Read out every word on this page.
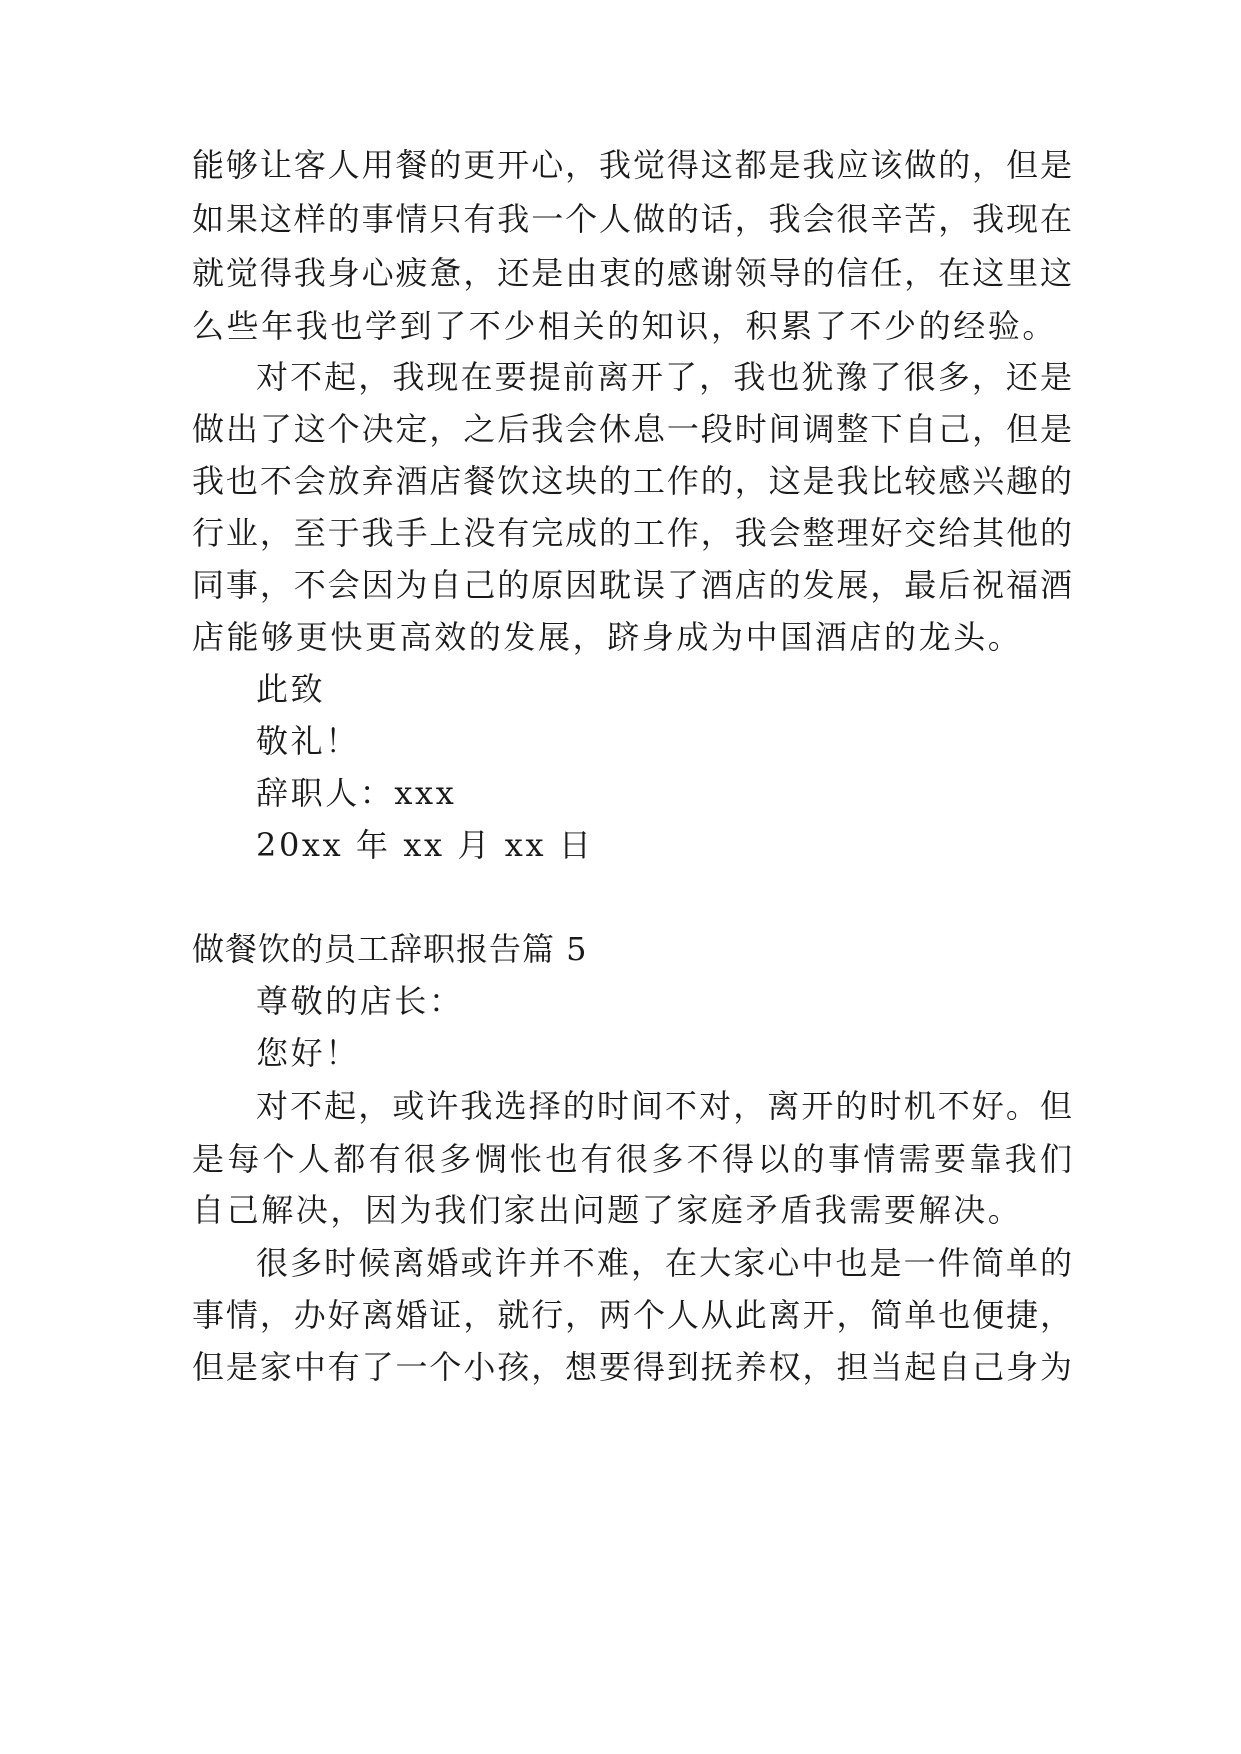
能够让客人用餐的更开心，我觉得这都是我应该做的，但是
如果这样的事情只有我一个人做的话，我会很辛苦，我现在
就觉得我身心疲惫，还是由衷的感谢领导的信任，在这里这
么些年我也学到了不少相关的知识，积累了不少的经验。
对不起，我现在要提前离开了，我也犹豫了很多，还是
做出了这个决定，之后我会休息一段时间调整下自己，但是
我也不会放弃酒店餐饮这块的工作的，这是我比较感兴趣的
行业，至于我手上没有完成的工作，我会整理好交给其他的
同事，不会因为自己的原因耽误了酒店的发展，最后祝福酒
店能够更快更高效的发展，跻身成为中国酒店的龙头。
此致
敬礼！
辞职人：xxx
20xx 年 xx 月 xx 日
做餐饮的员工辞职报告篇 5
尊敬的店长：
您好！
对不起，或许我选择的时间不对，离开的时机不好。但
是每个人都有很多惆怅也有很多不得以的事情需要靠我们
自己解决，因为我们家出问题了家庭矛盾我需要解决。
很多时候离婚或许并不难，在大家心中也是一件简单的
事情，办好离婚证，就行，两个人从此离开，简单也便捷，
但是家中有了一个小孩，想要得到抚养权，担当起自己身为
